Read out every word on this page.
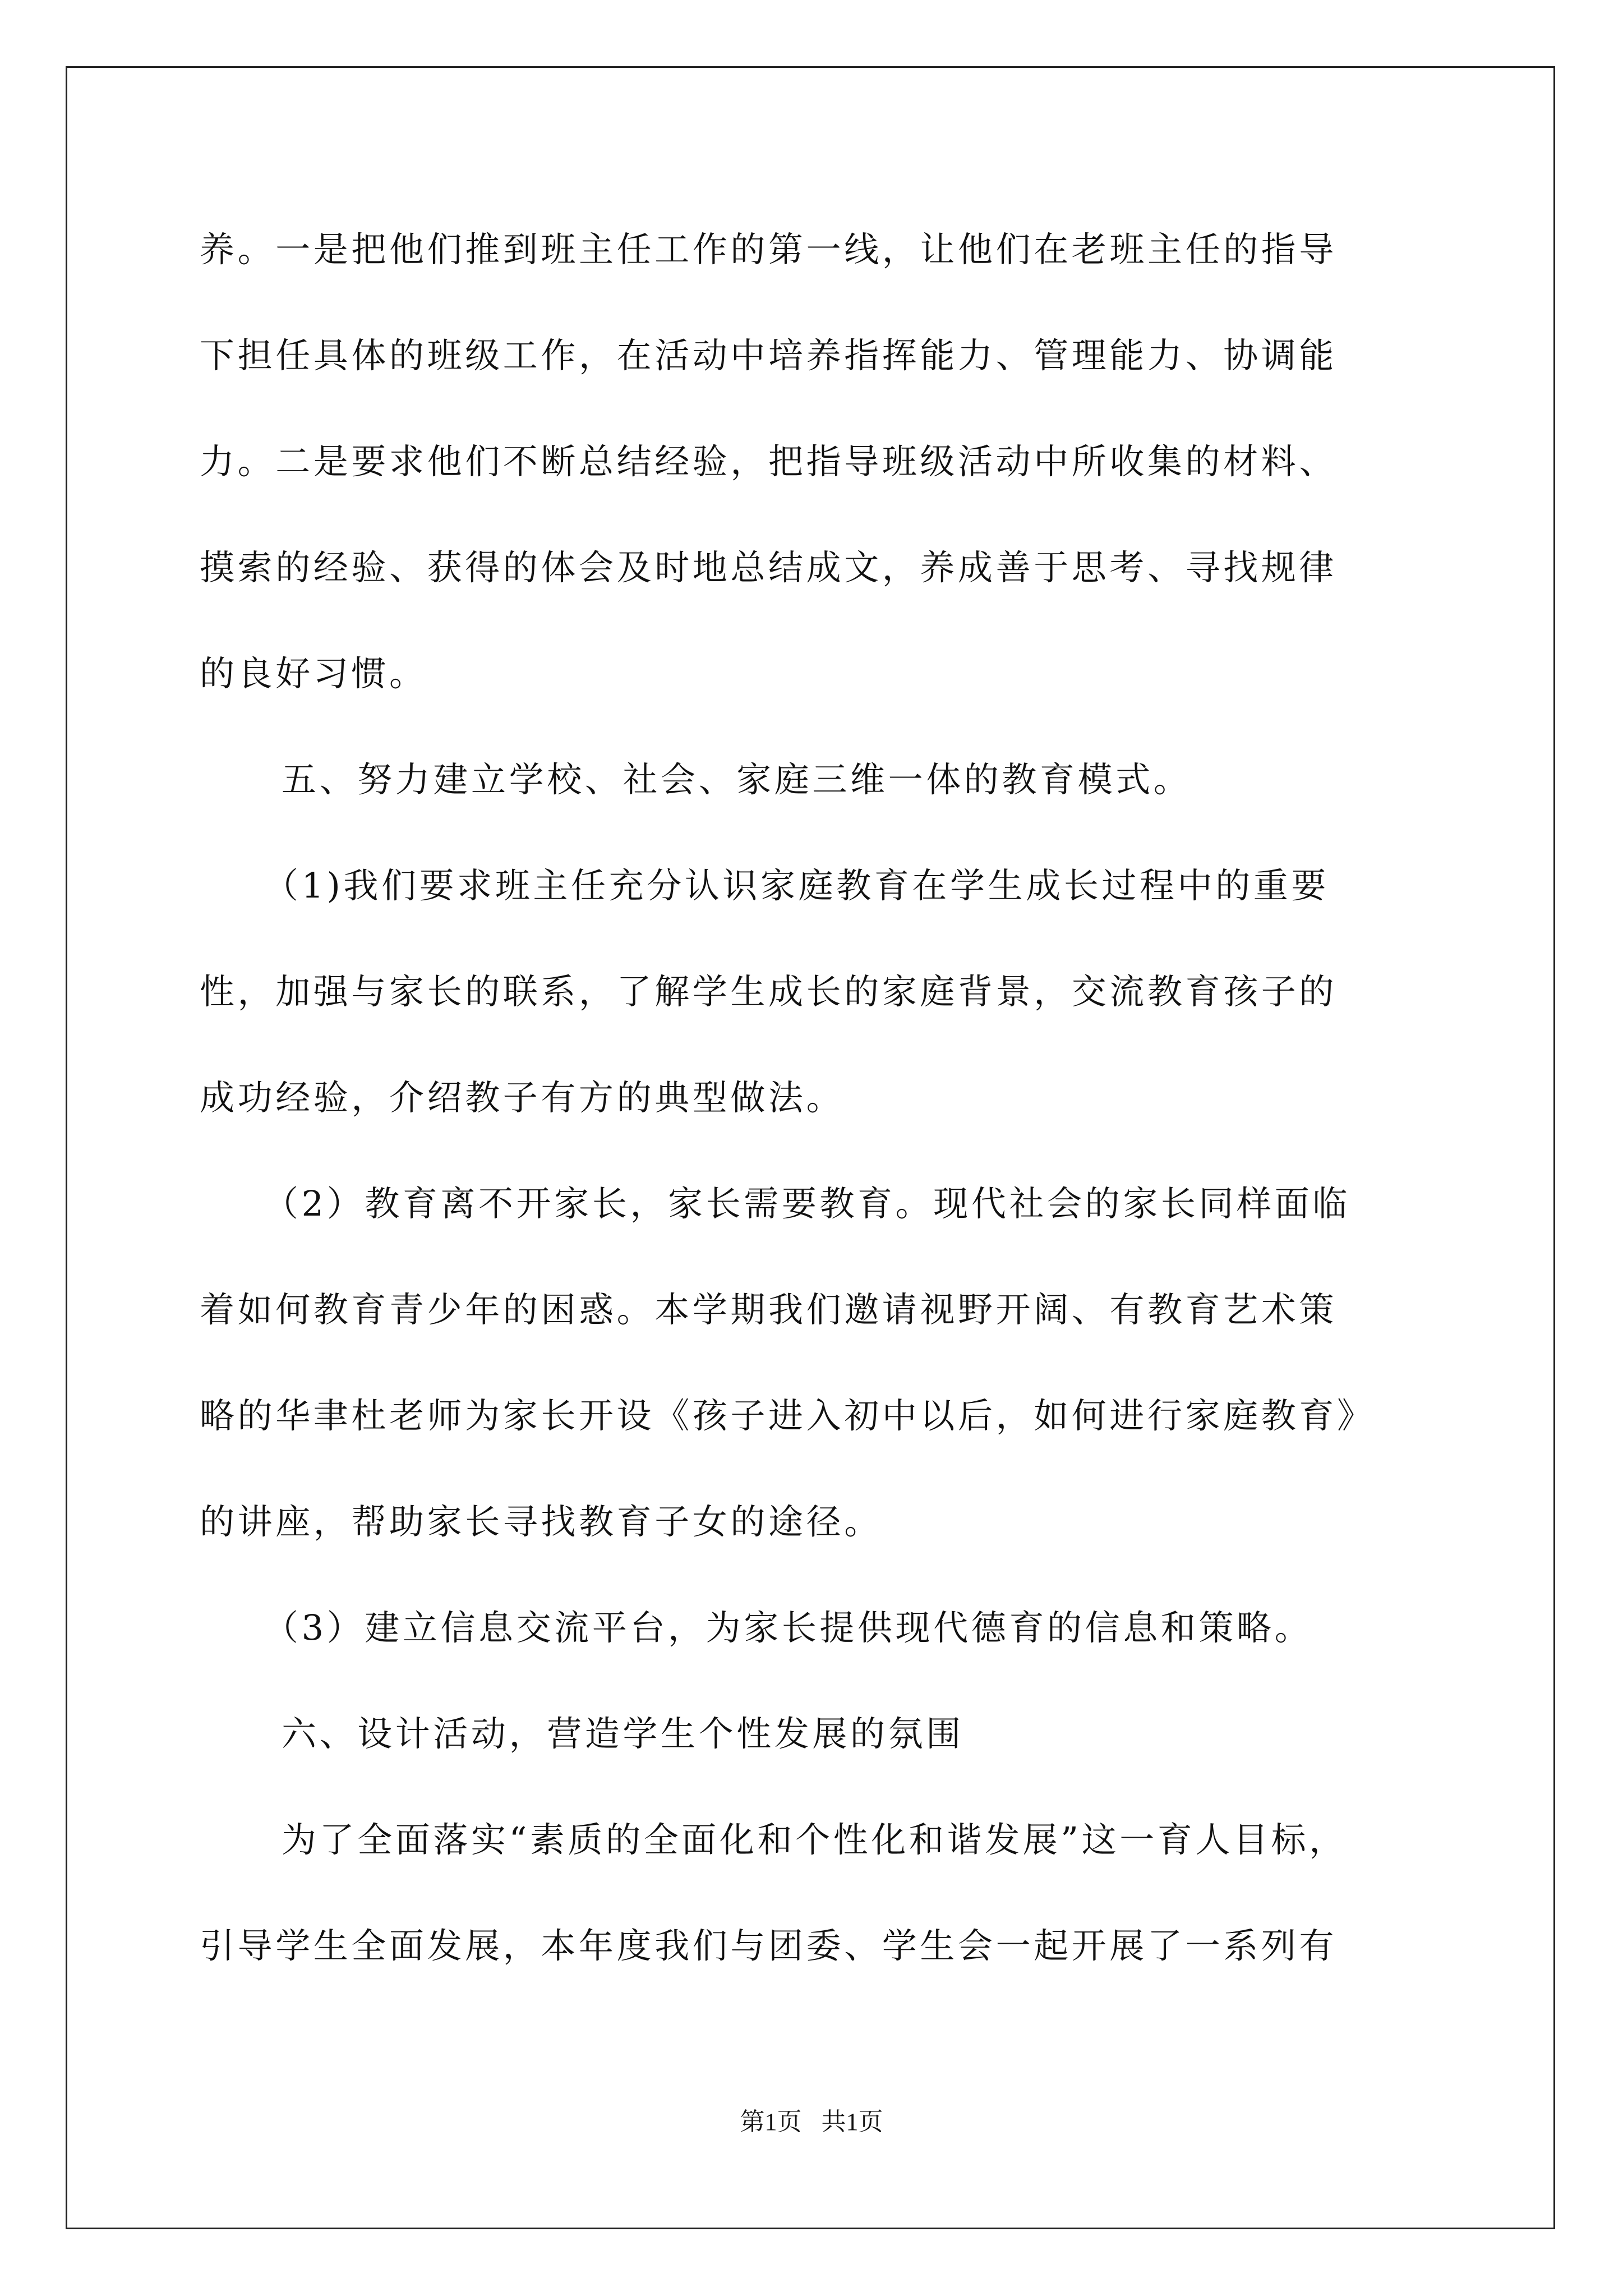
养。一是把他们推到班主任工作的第一线，让他们在老班主任的指导
下担任具体的班级工作，在活动中培养指挥能力、管理能力、协调能
力。二是要求他们不断总结经验，把指导班级活动中所收集的材料、
摸索的经验、获得的体会及时地总结成文，养成善于思考、寻找规律
的良好习惯。
五、努力建立学校、社会、家庭三维一体的教育模式。
（1)我们要求班主任充分认识家庭教育在学生成长过程中的重要
性，加强与家长的联系，了解学生成长的家庭背景，交流教育孩子的
成功经验，介绍教子有方的典型做法。
（2）教育离不开家长，家长需要教育。现代社会的家长同样面临
着如何教育青少年的困惑。本学期我们邀请视野开阔、有教育艺术策
略的华聿杜老师为家长开设《孩子进入初中以后，如何进行家庭教育》
的讲座，帮助家长寻找教育子女的途径。
（3）建立信息交流平台，为家长提供现代德育的信息和策略。
六、设计活动，营造学生个性发展的氛围
为了全面落实“素质的全面化和个性化和谐发展”这一育人目标，
引导学生全面发展，本年度我们与团委、学生会一起开展了一系列有
第1页 共1页
